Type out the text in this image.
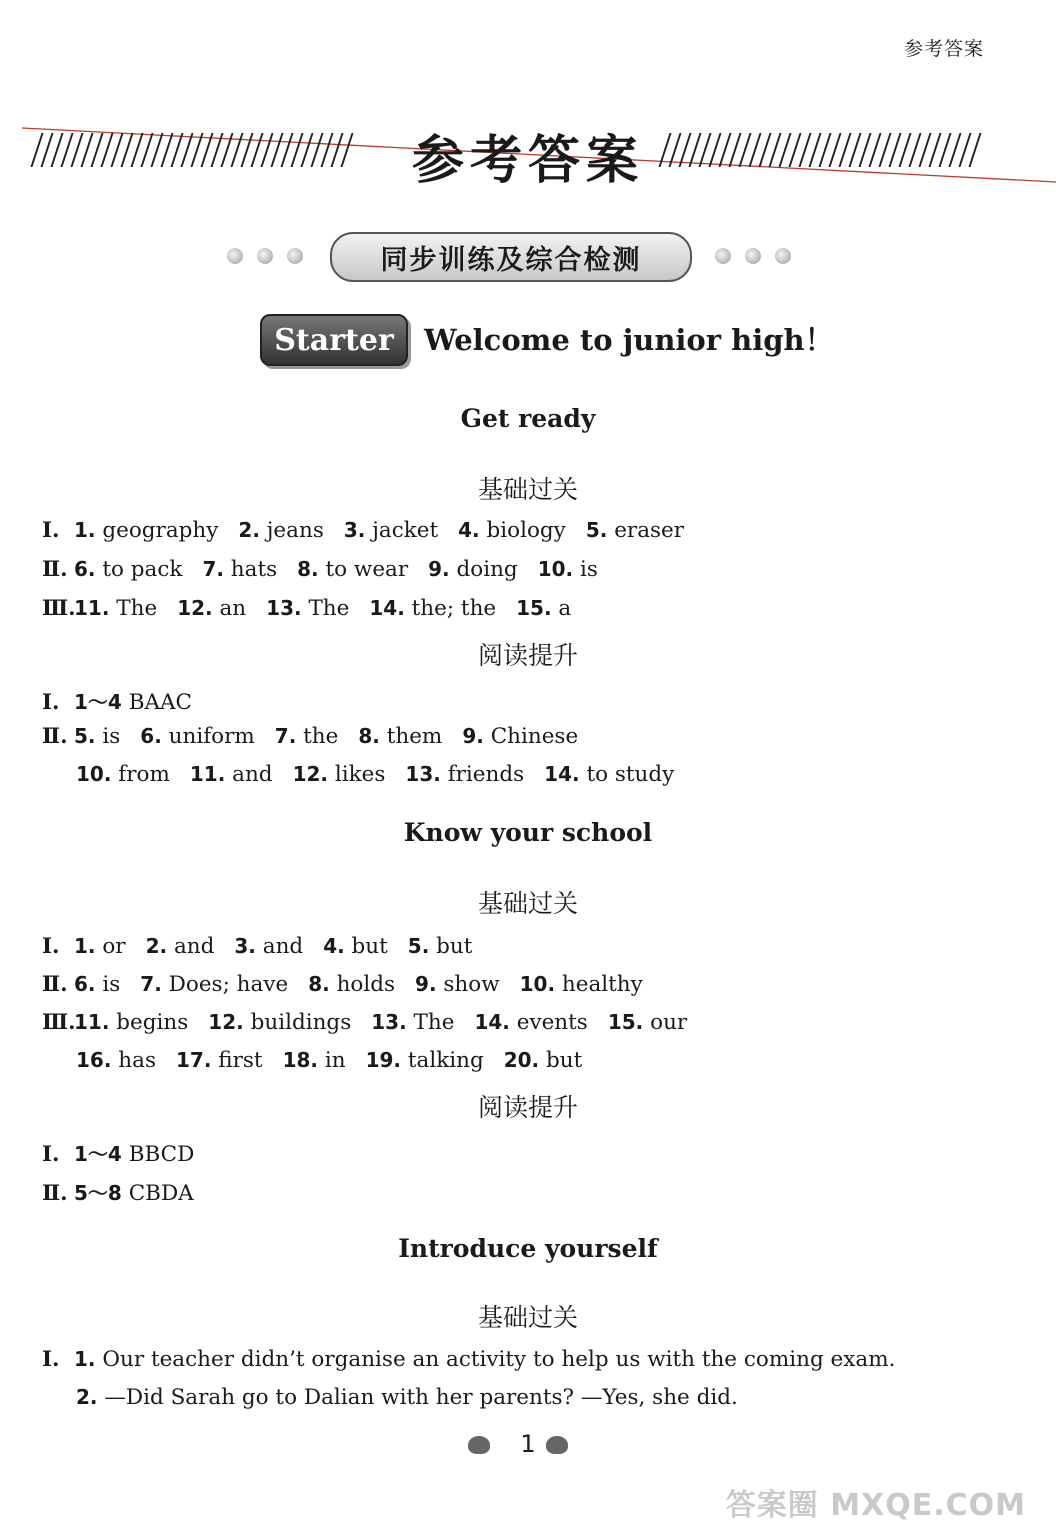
参考答案
参考答案
同步训练及综合检测
Starter	Welcome to junior high！
Get ready
基础过关
Ⅰ. 1. geography 2. jeans 3. jacket 4. biology 5. eraser
Ⅱ. 6. to pack 7. hats 8. to wear 9. doing 10. is
Ⅲ.11. The 12. an 13. The 14. the; the 15. a
阅读提升
Ⅰ. 1～4 BAAC
Ⅱ. 5. is 6. uniform 7. the 8. them 9. Chinese
10. from 11. and 12. likes 13. friends 14. to study
Know your school
基础过关
Ⅰ. 1. or 2. and 3. and 4. but 5. but
Ⅱ. 6. is 7. Does; have 8. holds 9. show 10. healthy
Ⅲ.11. begins 12. buildings 13. The 14. events 15. our
16. has 17. first 18. in 19. talking 20. but
阅读提升
Ⅰ. 1～4 BBCD
Ⅱ. 5～8 CBDA
Introduce yourself
基础过关
Ⅰ. 1. Our teacher didn’t organise an activity to help us with the coming exam.
2. —Did Sarah go to Dalian with her parents? —Yes, she did.
1
答案圈 MXQE.COM
